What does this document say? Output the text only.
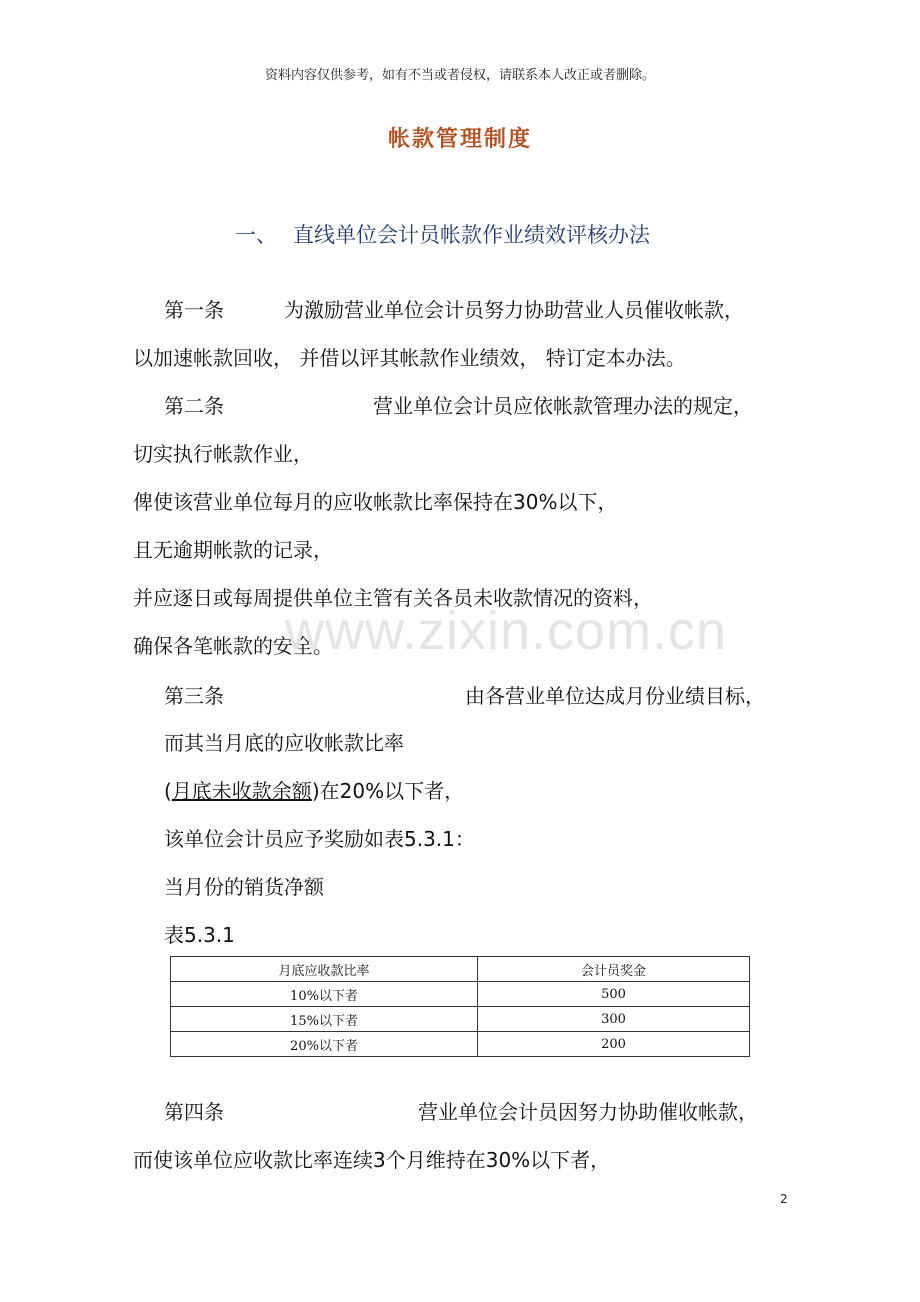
资料内容仅供参考，如有不当或者侵权，请联系本人改正或者删除。
帐款管理制度
一、 直线单位会计员帐款作业绩效评核办法
第一条	为激励营业单位会计员努力协助营业人员催收帐款，
以加速帐款回收， 并借以评其帐款作业绩效， 特订定本办法。
第二条	营业单位会计员应依帐款管理办法的规定，
切实执行帐款作业，
俾使该营业单位每月的应收帐款比率保持在30%以下，
且无逾期帐款的记录，
并应逐日或每周提供单位主管有关各员未收款情况的资料，
确保各笔帐款的安全。
www.zixin.com.cn
第三条	由各营业单位达成月份业绩目标，
而其当月底的应收帐款比率
(月底未收款余额)在20%以下者，
该单位会计员应予奖励如表5.3.1：
当月份的销货净额
表5.3.1
月底应收款比率	会计员奖金
10%以下者	500
15%以下者	300
20%以下者	200
第四条	营业单位会计员因努力协助催收帐款，
而使该单位应收款比率连续3个月维持在30%以下者，
2
